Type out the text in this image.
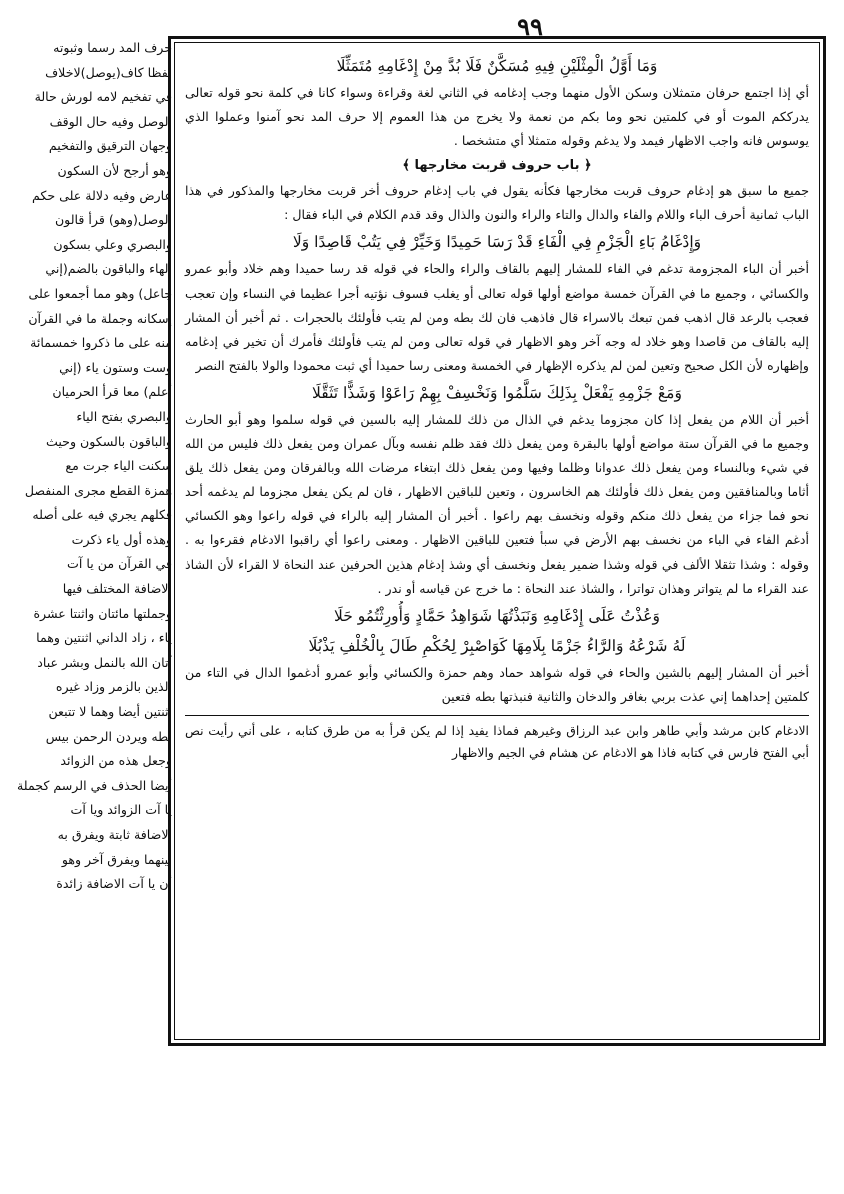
٩٩
حرف المد رسما وثبوته
لفظا كاف(يوصل)لاخلاف
في تفخيم لامه لورش حالة
الوصل وفيه حال الوقف
وجهان الترقيق والتفخيم
وهو أرجح لأن السكون
عارض وفيه دلالة على حكم
الوصل(وهو) قرأ قالون
والبصري وعلي بسكون
الهاء والباقون بالضم(إني
جاعل) وهو مما أجمعوا على
إسكانه وجملة ما في القرآن
منه على ما ذكروا خمسمائة
وست وستون ياء (إني
أعلم) معا قرأ الحرميان
والبصري بفتح الياء
والباقون بالسكون وحيث
سكنت الياء جرت مع
همزة القطع مجرى المنفصل
فكلهم يجري فيه على أصله
وهذه أول ياء ذكرت
في القرآن من يا آت
الاضافة المختلف فيها
وجملتها مائتان واثنتا عشرة
ياء ، زاد الداني اثنتين وهما
آتان الله بالنمل وبشر عباد
الذين بالزمر وزاد غيره
اثنتين أيضا وهما لا تتبعن
بطه ويردن الرحمن بيس
وجعل هذه من الزوائد
أيضا الحذف في الرسم كجملة
يا آت الزوائد ويا آت
الاضافة ثابتة ويفرق به
بينهما ويفرق آخر وهو
أن يا آت الاضافة زائدة
وَمَا أَوَّلُ الْمِثْلَيْنِ فِيهِ مُسَكَّنٌ فَلَا بُدَّ مِنْ إِدْغَامِهِ مُتَمَثِّلَا

أي إذا اجتمع حرفان متمثلان وسكن الأول منهما وجب إدغامه في الثاني لغة وقراءة وسواء كانا في كلمة نحو قوله تعالى يدرككم الموت أو في كلمتين نحو وما بكم من نعمة ولا يخرج من هذا العموم إلا حرف المد نحو آمنوا وعملوا الذي يوسوس فانه واجب الاظهار فيمد ولا يدغم وقوله متمثلا أي متشخصا .

﴿ باب حروف قربت مخارجها ﴾

جميع ما سبق هو إدغام حروف قربت مخارجها فكأنه يقول في باب إدغام حروف أخر قربت مخارجها والمذكور في هذا الباب ثمانية أحرف الباء واللام والفاء والدال والتاء والراء والنون والذال وقد قدم الكلام في الباء فقال :

وَإِدْغَامُ بَاءِ الْجَزْمِ فِي الْفَاءِ قَدْ رَسَا حَمِيدًا وَخَيِّرْ فِي يَتُبْ قَاصِدًا وَلَا

أخبر أن الباء المجزومة تدغم في الفاء للمشار إليهم بالقاف والراء والحاء في قوله قد رسا حميدا وهم خلاد وأبو عمرو والكسائي ، وجميع ما في القرآن خمسة مواضع أولها قوله تعالى أو يغلب فسوف نؤتيه أجرا عظيما في النساء وإن تعجب فعجب بالرعد قال اذهب فمن تبعك بالاسراء قال فاذهب فان لك بطه ومن لم يتب فأولئك بالحجرات . ثم أخبر أن المشار إليه بالقاف من قاصدا وهو خلاد له وجه آخر وهو الاظهار في قوله تعالى ومن لم يتب فأولئك فأمرك أن تخير في إدغامه وإظهاره لأن الكل صحيح وتعين لمن لم يذكره الإظهار في الخمسة ومعنى رسا حميدا أي ثبت محمودا والولا بالفتح النصر

وَمَعْ جَزْمِهِ يَفْعَلْ بِذَلِكَ سَلَّمُوا وَنَخْسِفْ بِهِمْ رَاعَوْا وَشَذًّا تَثَقَّلَا

أخبر أن اللام من يفعل إذا كان مجزوما يدغم في الذال من ذلك للمشار إليه بالسين في قوله سلموا وهو أبو الحارث وجميع ما في القرآن ستة مواضع أولها بالبقرة ومن يفعل ذلك فقد ظلم نفسه وبآل عمران ومن يفعل ذلك فليس من الله في شيء وبالنساء ومن يفعل ذلك عدوانا وظلما وفيها ومن يفعل ذلك ابتغاء مرضات الله وبالفرقان ومن يفعل ذلك يلق أثاما وبالمنافقين ومن يفعل ذلك فأولئك هم الخاسرون ، وتعين للباقين الاظهار ، فان لم يكن يفعل مجزوما لم يدغمه أحد نحو فما جزاء من يفعل ذلك منكم وقوله ونخسف بهم راعوا . أخبر أن المشار إليه بالراء في قوله راعوا وهو الكسائي أدغم الفاء في الباء من نخسف بهم الأرض في سبأ فتعين للباقين الاظهار . ومعنى راعوا أي راقبوا الادغام فقرءوا به . وقوله : وشذا تثقلا الألف في قوله وشذا ضمير يفعل ونخسف أي وشذ إدغام هذين الحرفين عند النحاة لا القراء لأن الشاذ عند القراء ما لم يتواتر وهذان تواترا ، والشاذ عند النحاة : ما خرج عن قياسه أو ندر .

وَعُذْتُ عَلَى إِدْغَامِهِ وَنَبَذْتُهَا شَوَاهِدُ حَمَّادٍ وَأُورِثْتُمُو حَلَا
لَهُ شَرْعُهُ وَالرَّاءُ جَزْمًا بِلَامِهَا كَوَاصْبِرْ لِحُكْمِ طَالَ بِالْخُلْفِ يَذْبُلَا

أخبر أن المشار إليهم بالشين والحاء في قوله شواهد حماد وهم حمزة والكسائي وأبو عمرو أدغموا الدال في التاء من كلمتين إحداهما إني عذت بربي بغافر والدخان والثانية فنبذتها بطه فتعين

الادغام كابن مرشد وأبي طاهر وابن عبد الرزاق وغيرهم فماذا يفيد إذا لم يكن قرأ به من طرق كتابه ، على أني رأيت نص أبي الفتح فارس في كتابه فاذا هو الادغام عن هشام في الجيم والاظهار
